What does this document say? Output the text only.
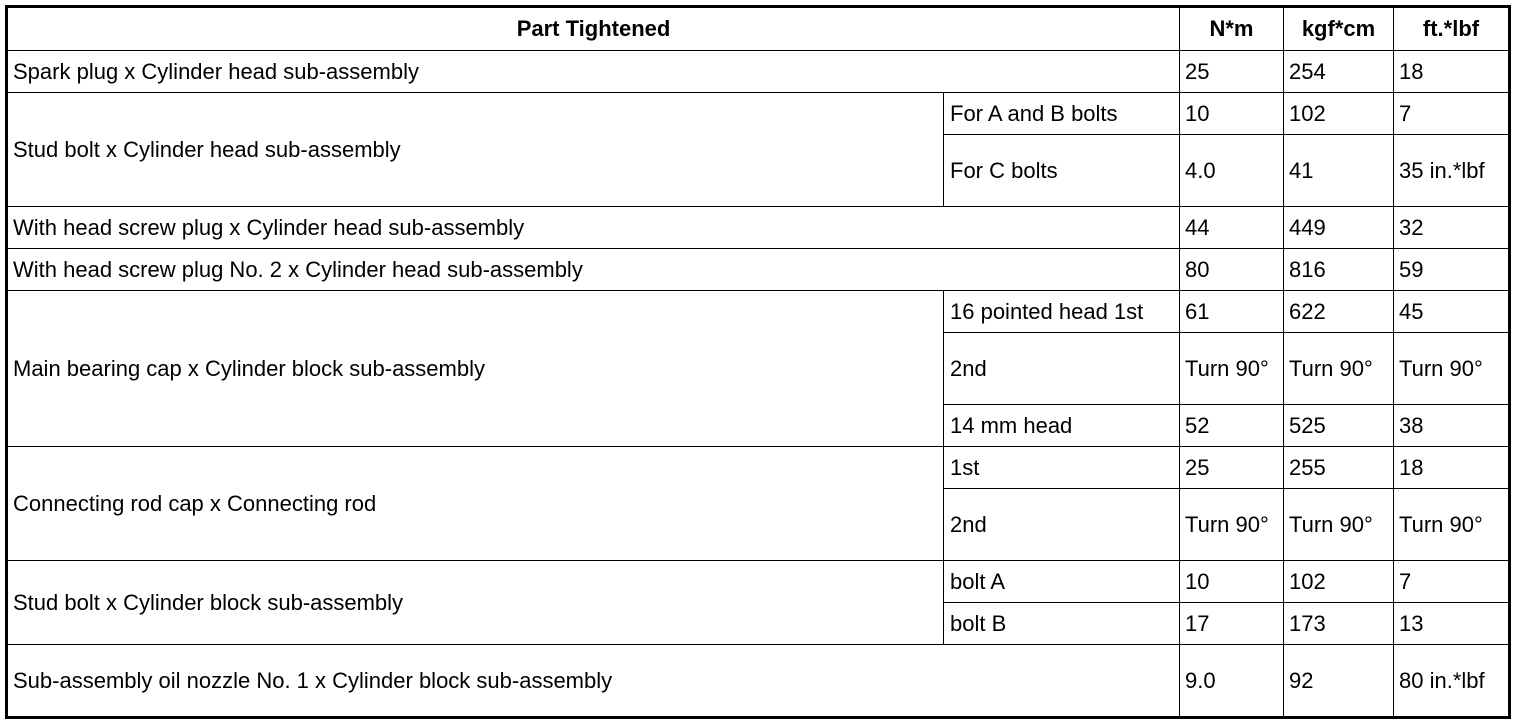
Part Tightened		N*m	kgf*cm	ft.*lbf
Spark plug x Cylinder head sub-assembly		25	254	18
Stud bolt x Cylinder head sub-assembly	For A and B bolts	10	102	7
	For C bolts	4.0	41	35 in.*lbf
With head screw plug x Cylinder head sub-assembly		44	449	32
With head screw plug No. 2 x Cylinder head sub-assembly		80	816	59
Main bearing cap x Cylinder block sub-assembly	16 pointed head 1st	61	622	45
	2nd	Turn 90°	Turn 90°	Turn 90°
	14 mm head	52	525	38
Connecting rod cap x Connecting rod	1st	25	255	18
	2nd	Turn 90°	Turn 90°	Turn 90°
Stud bolt x Cylinder block sub-assembly	bolt A	10	102	7
	bolt B	17	173	13
Sub-assembly oil nozzle No. 1 x Cylinder block sub-assembly		9.0	92	80 in.*lbf
